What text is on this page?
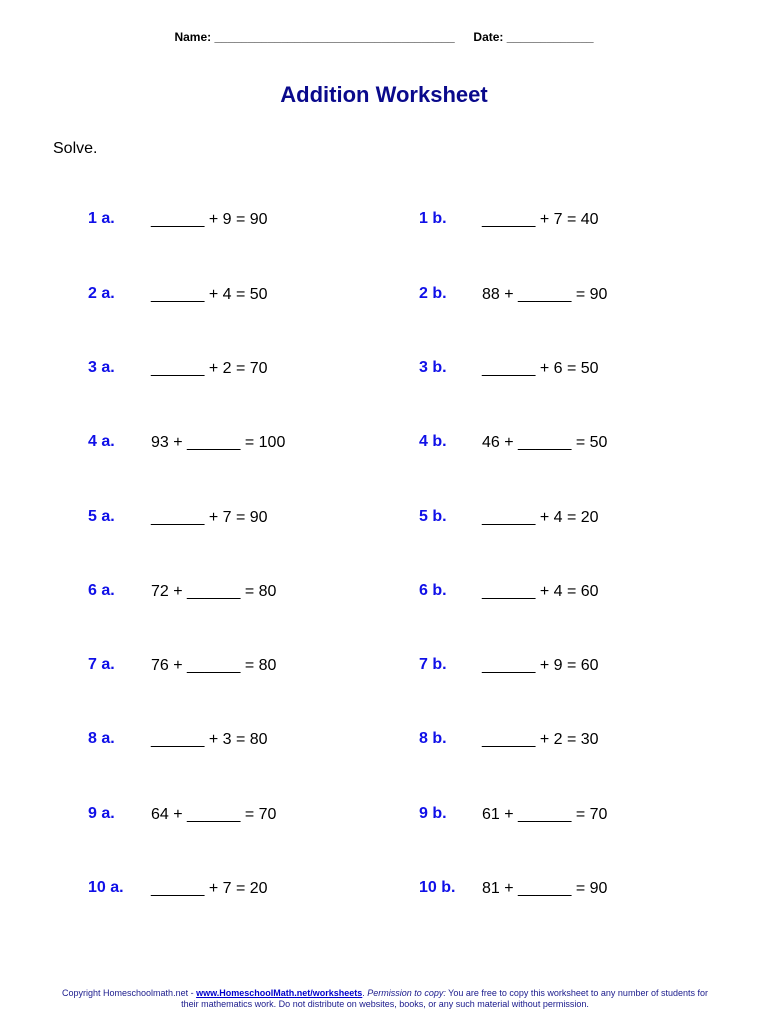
Name: ____________________________________ Date: _____________
Addition Worksheet
Solve.
1 a. ______ + 9 = 90	1 b. ______ + 7 = 40
2 a. ______ + 4 = 50	2 b. 88 + ______ = 90
3 a. ______ + 2 = 70	3 b. ______ + 6 = 50
4 a. 93 + ______ = 100	4 b. 46 + ______ = 50
5 a. ______ + 7 = 90	5 b. ______ + 4 = 20
6 a. 72 + ______ = 80	6 b. ______ + 4 = 60
7 a. 76 + ______ = 80	7 b. ______ + 9 = 60
8 a. ______ + 3 = 80	8 b. ______ + 2 = 30
9 a. 64 + ______ = 70	9 b. 61 + ______ = 70
10 a. ______ + 7 = 20	10 b. 81 + ______ = 90
Copyright Homeschoolmath.net - www.HomeschoolMath.net/worksheets. Permission to copy: You are free to copy this worksheet to any number of students for their mathematics work. Do not distribute on websites, books, or any such material without permission.
